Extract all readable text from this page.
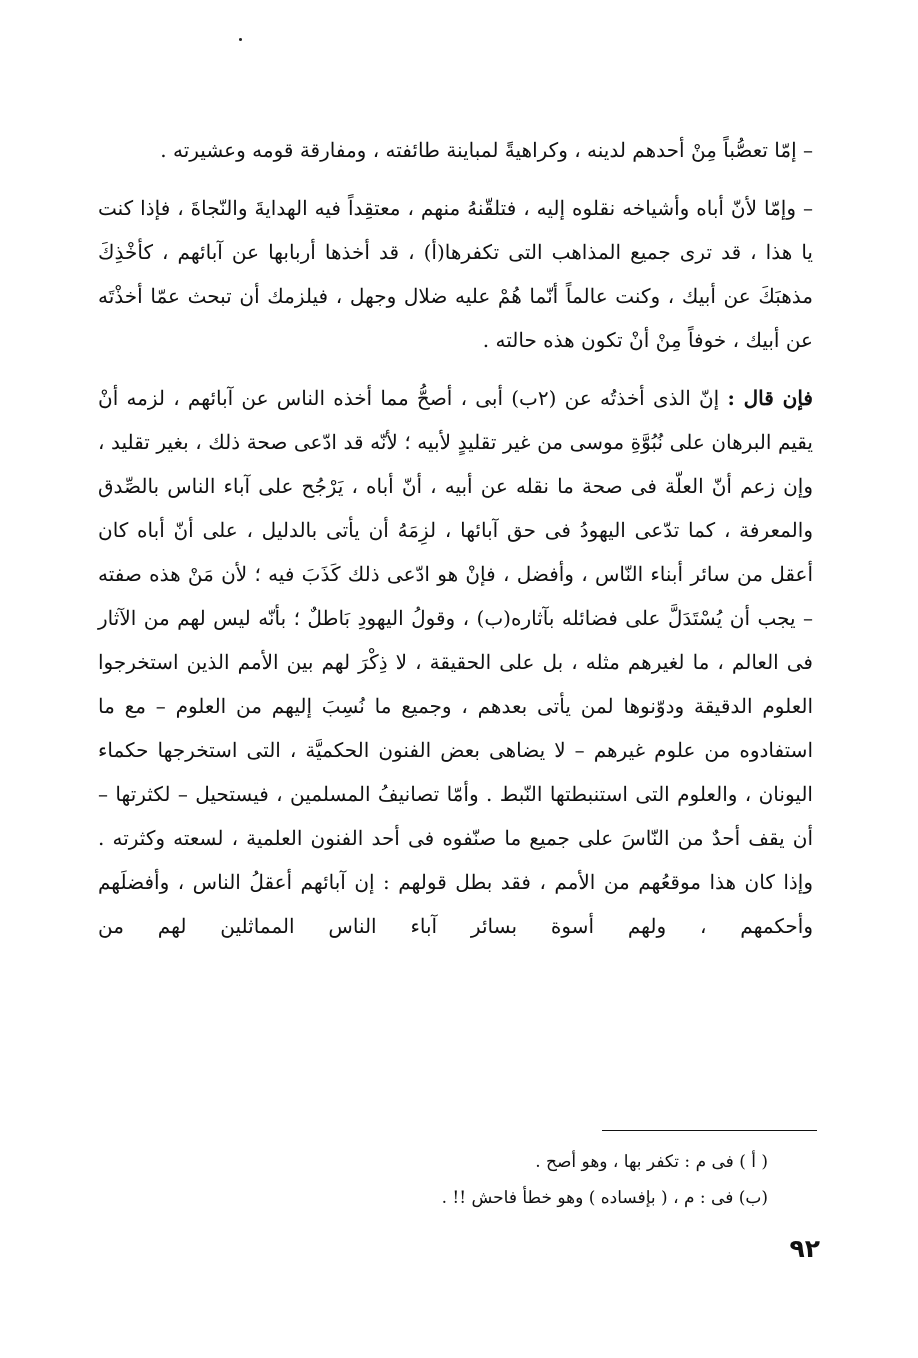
– إمّا تعصُّباً مِنْ أحدهم لدينه ، وكراهيةً لمباينة طائفته ، ومفارقة قومه وعشيرته .

– وإمّا لأنّ أباه وأشياخه نقلوه إليه ، فتلقّنهُ منهم ، معتقِداً فيه الهدايةَ والنّجاةَ ، فإذا كنت يا هذا ، قد ترى جميع المذاهب التى تكفرها(أ) ، قد أخذها أربابها عن آبائهم ، كأخْذِكَ مذهبَكَ عن أبيك ، وكنت عالماً أنّما هُمْ عليه ضلال وجهل ، فيلزمك أن تبحث عمّا أخذْتَه عن أبيك ، خوفاً مِنْ أنْ تكون هذه حالته .

فإن قال : إنّ الذى أخذتُه عن (٢ب) أبى ، أصحُّ مما أخذه الناس عن آبائهم ، لزمه أنْ يقيم البرهان على نُبُوَّةِ موسى من غير تقليدٍ لأبيه ؛ لأنّه قد ادّعى صحة ذلك ، بغير تقليد ، وإن زعم أنّ العلّة فى صحة ما نقله عن أبيه ، أنّ أباه ، يَرْجُح على آباء الناس بالصِّدق والمعرفة ، كما تدّعى اليهودُ فى حق آبائها ، لزِمَهُ أن يأتى بالدليل ، على أنّ أباه كان أعقل من سائر أبناء النّاس ، وأفضل ، فإنْ هو ادّعى ذلك كَذَبَ فيه ؛ لأن مَنْ هذه صفته – يجب أن يُسْتَدَلَّ على فضائله بآثاره(ب) ، وقولُ اليهودِ بَاطلٌ ؛ بأنّه ليس لهم من الآثار فى العالم ، ما لغيرهم مثله ، بل على الحقيقة ، لا ذِكْرَ لهم بين الأمم الذين استخرجوا العلوم الدقيقة ودوّنوها لمن يأتى بعدهم ، وجميع ما نُسِبَ إليهم من العلوم – مع ما استفادوه من علوم غيرهم – لا يضاهى بعض الفنون الحكميَّة ، التى استخرجها حكماء اليونان ، والعلوم التى استنبطتها النّبط . وأمّا تصانيفُ المسلمين ، فيستحيل – لكثرتها – أن يقف أحدٌ من النّاسَ على جميع ما صنّفوه فى أحد الفنون العلمية ، لسعته وكثرته . وإذا كان هذا موقعُهم من الأمم ، فقد بطل قولهم : إن آبائهم أعقلُ الناس ، وأفضلَهم وأحكمهم ، ولهم أسوة بسائر آباء الناس المماثلين لهم من

( أ ) فى م : تكفر بها ، وهو أصح .

(ب) فى : م ، ( بإفساده ) وهو خطأ فاحش !! .

٩٢
